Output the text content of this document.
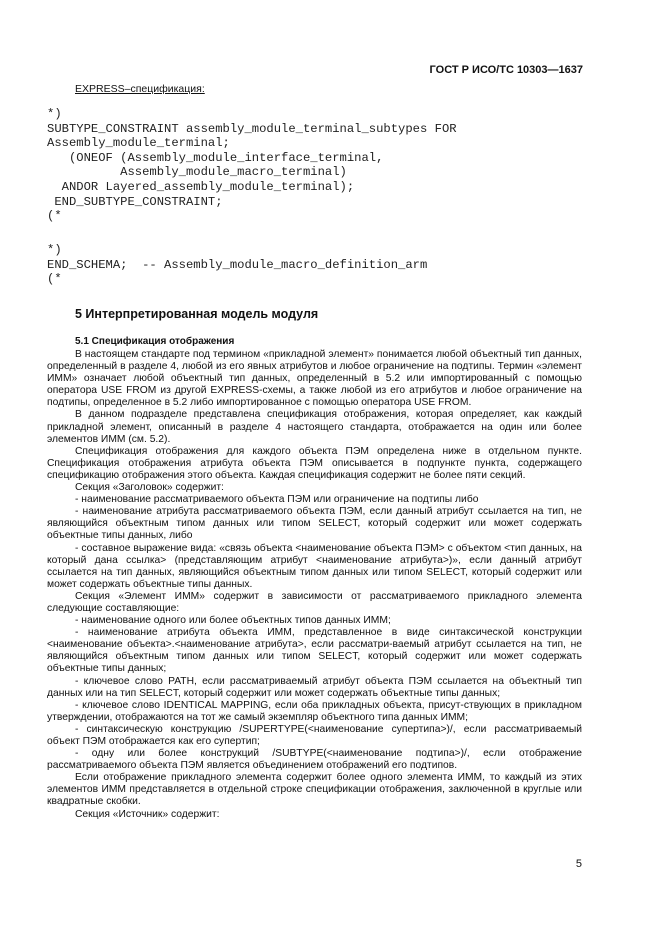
ГОСТ Р ИСО/ТС 10303—1637
EXPRESS–спецификация:
*)
SUBTYPE_CONSTRAINT assembly_module_terminal_subtypes FOR
Assembly_module_terminal;
(ONEOF (Assembly_module_interface_terminal,
Assembly_module_macro_terminal)
ANDOR Layered_assembly_module_terminal);
END_SUBTYPE_CONSTRAINT;
(*
*)
END_SCHEMA;  -- Assembly_module_macro_definition_arm
(*
5 Интерпретированная модель модуля
5.1 Спецификация отображения

В настоящем стандарте под термином «прикладной элемент» понимается любой объектный тип данных, определенный в разделе 4, любой из его явных атрибутов и любое ограничение на подтипы. Термин «элемент ИММ» означает любой объектный тип данных, определенный в 5.2 или импортированный с помощью оператора USE FROM из другой EXPRESS-схемы, а также любой из его атрибутов и любое ограничение на подтипы, определенное в 5.2 либо импортированное с помощью оператора USE FROM.

В данном подразделе представлена спецификация отображения, которая определяет, как каждый прикладной элемент, описанный в разделе 4 настоящего стандарта, отображается на один или более элементов ИММ (см. 5.2).

Спецификация отображения для каждого объекта ПЭМ определена ниже в отдельном пункте. Спецификация отображения атрибута объекта ПЭМ описывается в подпункте пункта, содержащего спецификацию отображения этого объекта. Каждая спецификация содержит не более пяти секций.

Секция «Заголовок» содержит:

- наименование рассматриваемого объекта ПЭМ или ограничение на подтипы либо

- наименование атрибута рассматриваемого объекта ПЭМ, если данный атрибут ссылается на тип, не являющийся объектным типом данных или типом SELECT, который содержит или может содержать объектные типы данных, либо

- составное выражение вида: «связь объекта <наименование объекта ПЭМ> с объектом <тип данных, на который дана ссылка> (представляющим атрибут <наименование атрибута>)», если данный атрибут ссылается на тип данных, являющийся объектным типом данных или типом SELECT, который содержит или может содержать объектные типы данных.

Секция «Элемент ИММ» содержит в зависимости от рассматриваемого прикладного элемента следующие составляющие:

- наименование одного или более объектных типов данных ИММ;

- наименование атрибута объекта ИММ, представленное в виде синтаксической конструкции <наименование объекта>.<наименование атрибута>, если рассматри-ваемый атрибут ссылается на тип, не являющийся объектным типом данных или типом SELECT, который содержит или может содержать объектные типы данных;

- ключевое слово PATH, если рассматриваемый атрибут объекта ПЭМ ссылается на объектный тип данных или на тип SELECT, который содержит или может содержать объектные типы данных;

- ключевое слово IDENTICAL MAPPING, если оба прикладных объекта, присут-ствующих в прикладном утверждении, отображаются на тот же самый экземпляр объектного типа данных ИММ;

- синтаксическую конструкцию /SUPERTYPE(<наименование супертипа>)/, если рассматриваемый объект ПЭМ отображается как его супертип;

- одну или более конструкций /SUBTYPE(<наименование подтипа>)/, если отображение рассматриваемого объекта ПЭМ является объединением отображений его подтипов.

Если отображение прикладного элемента содержит более одного элемента ИММ, то каждый из этих элементов ИММ представляется в отдельной строке спецификации отображения, заключенной в круглые или квадратные скобки.

Секция «Источник» содержит:

5
